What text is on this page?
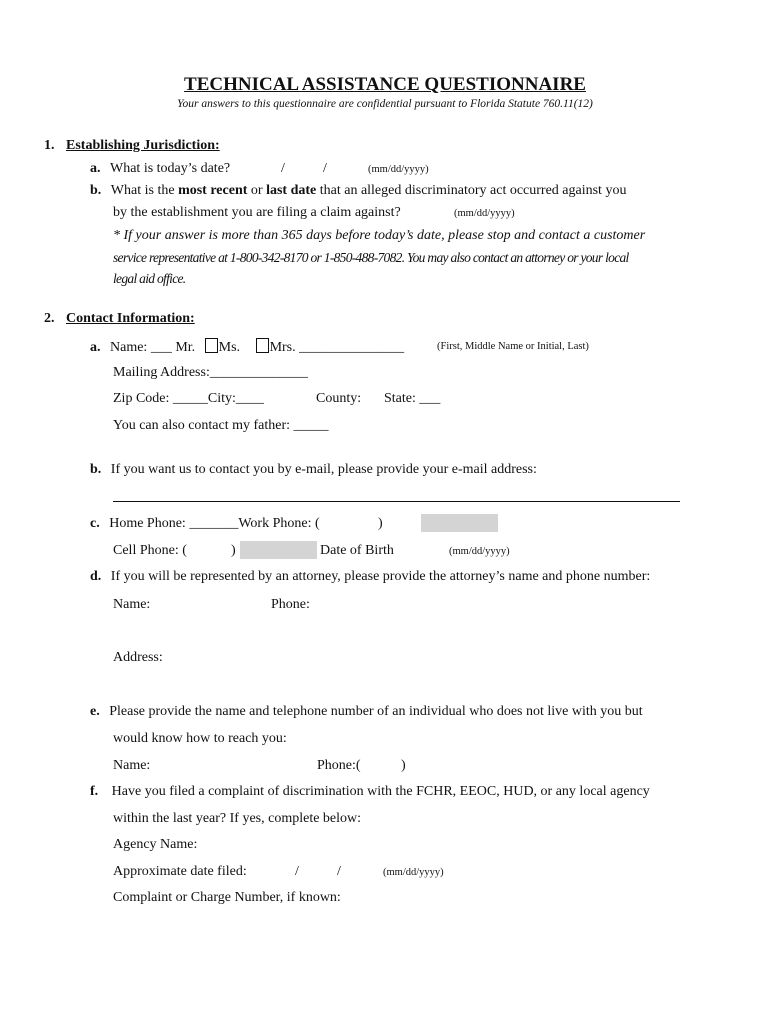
TECHNICAL ASSISTANCE QUESTIONNAIRE
Your answers to this questionnaire are confidential pursuant to Florida Statute 760.11(12)
1. Establishing Jurisdiction:
a. What is today’s date?	/	/	(mm/dd/yyyy)
b. What is the most recent or last date that an alleged discriminatory act occurred against you
by the establishment you are filing a claim against?	(mm/dd/yyyy)
* If your answer is more than 365 days before today’s date, please stop and contact a customer
service representative at 1-800-342-8170 or 1-850-488-7082. You may also contact an attorney or your local
legal aid office.
2. Contact Information:
a. Name: ___ Mr. Ms. Mrs. _______________	(First, Middle Name or Initial, Last)
Mailing Address:______________
Zip Code: _____City:____	County: State: ___
You can also contact my father: _____
b. If you want us to contact you by e-mail, please provide your e-mail address:
c. Home Phone: _______Work Phone: (	)
Cell Phone: (	)	Date of Birth	(mm/dd/yyyy)
d. If you will be represented by an attorney, please provide the attorney’s name and phone number:
Name:	Phone:
Address:
e. Please provide the name and telephone number of an individual who does not live with you but
would know how to reach you:
Name:	Phone:(	)
f. Have you filed a complaint of discrimination with the FCHR, EEOC, HUD, or any local agency
within the last year? If yes, complete below:
Agency Name:
Approximate date filed:	/	/	(mm/dd/yyyy)
Complaint or Charge Number, if known:
